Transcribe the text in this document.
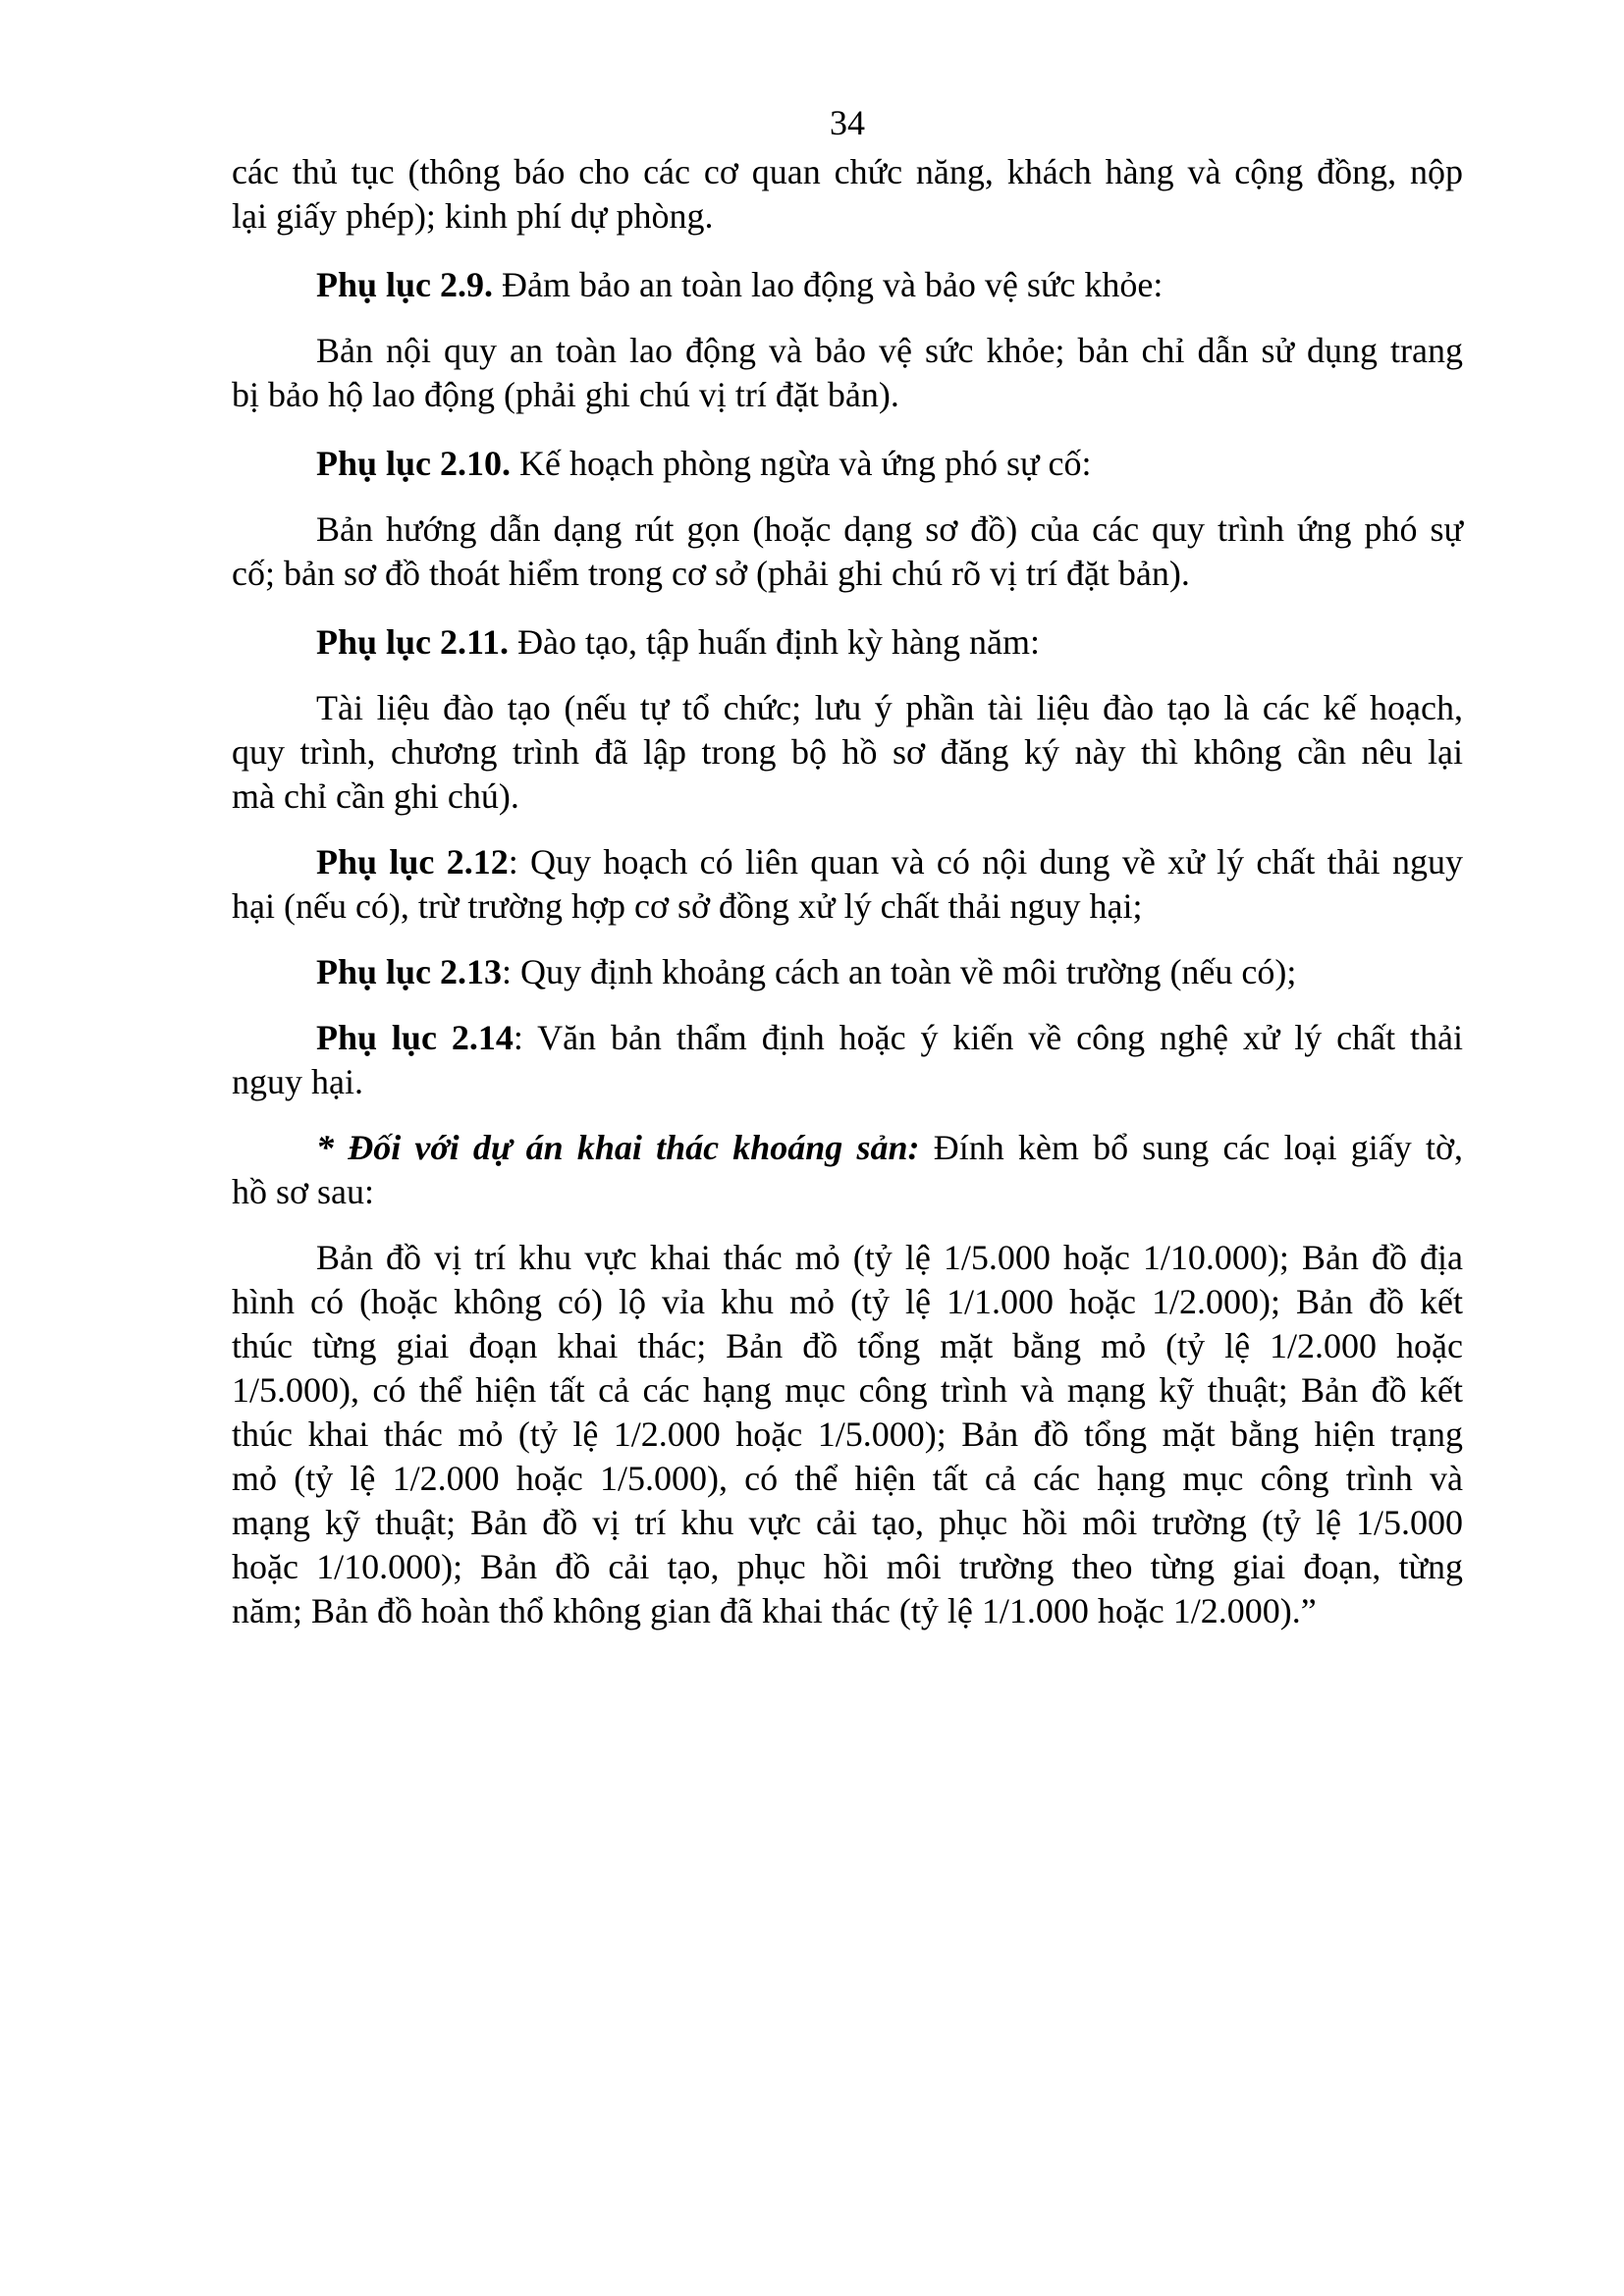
34
các thủ tục (thông báo cho các cơ quan chức năng, khách hàng và cộng đồng, nộp
lại giấy phép); kinh phí dự phòng.
Phụ lục 2.9. Đảm bảo an toàn lao động và bảo vệ sức khỏe:
Bản nội quy an toàn lao động và bảo vệ sức khỏe; bản chỉ dẫn sử dụng trang
bị bảo hộ lao động (phải ghi chú vị trí đặt bản).
Phụ lục 2.10. Kế hoạch phòng ngừa và ứng phó sự cố:
Bản hướng dẫn dạng rút gọn (hoặc dạng sơ đồ) của các quy trình ứng phó sự
cố; bản sơ đồ thoát hiểm trong cơ sở (phải ghi chú rõ vị trí đặt bản).
Phụ lục 2.11. Đào tạo, tập huấn định kỳ hàng năm:
Tài liệu đào tạo (nếu tự tổ chức; lưu ý phần tài liệu đào tạo là các kế hoạch,
quy trình, chương trình đã lập trong bộ hồ sơ đăng ký này thì không cần nêu lại
mà chỉ cần ghi chú).
Phụ lục 2.12: Quy hoạch có liên quan và có nội dung về xử lý chất thải nguy
hại (nếu có), trừ trường hợp cơ sở đồng xử lý chất thải nguy hại;
Phụ lục 2.13: Quy định khoảng cách an toàn về môi trường (nếu có);
Phụ lục 2.14: Văn bản thẩm định hoặc ý kiến về công nghệ xử lý chất thải
nguy hại.
* Đối với dự án khai thác khoáng sản: Đính kèm bổ sung các loại giấy tờ,
hồ sơ sau:
Bản đồ vị trí khu vực khai thác mỏ (tỷ lệ 1/5.000 hoặc 1/10.000); Bản đồ địa
hình có (hoặc không có) lộ vỉa khu mỏ (tỷ lệ 1/1.000 hoặc 1/2.000); Bản đồ kết
thúc từng giai đoạn khai thác; Bản đồ tổng mặt bằng mỏ (tỷ lệ 1/2.000 hoặc
1/5.000), có thể hiện tất cả các hạng mục công trình và mạng kỹ thuật; Bản đồ kết
thúc khai thác mỏ (tỷ lệ 1/2.000 hoặc 1/5.000); Bản đồ tổng mặt bằng hiện trạng
mỏ (tỷ lệ 1/2.000 hoặc 1/5.000), có thể hiện tất cả các hạng mục công trình và
mạng kỹ thuật; Bản đồ vị trí khu vực cải tạo, phục hồi môi trường (tỷ lệ 1/5.000
hoặc 1/10.000); Bản đồ cải tạo, phục hồi môi trường theo từng giai đoạn, từng
năm; Bản đồ hoàn thổ không gian đã khai thác (tỷ lệ 1/1.000 hoặc 1/2.000).”
